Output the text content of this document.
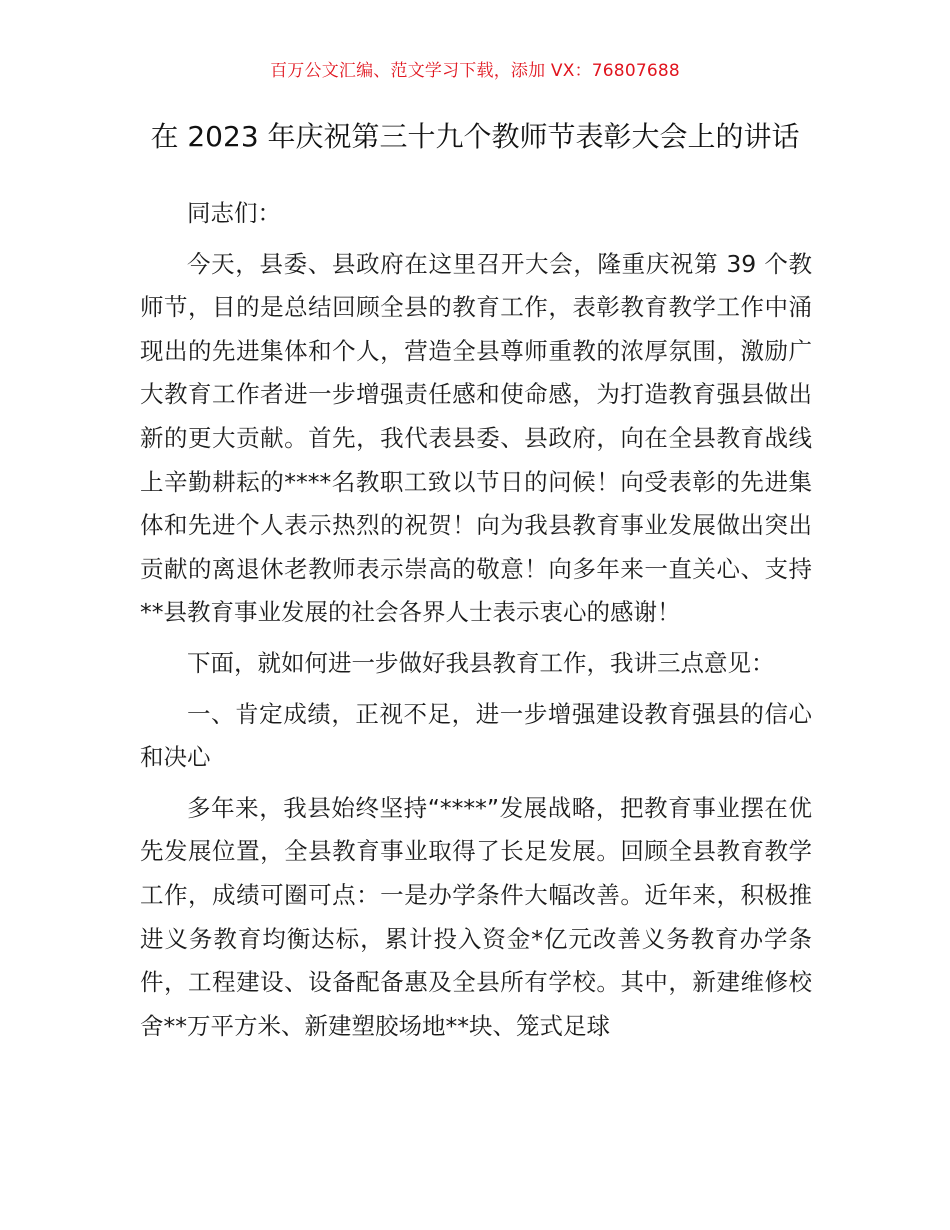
百万公文汇编、范文学习下载，添加 VX：76807688
在 2023 年庆祝第三十九个教师节表彰大会上的讲话

同志们：

今天，县委、县政府在这里召开大会，隆重庆祝第 39 个教师节，目的是总结回顾全县的教育工作，表彰教育教学工作中涌现出的先进集体和个人，营造全县尊师重教的浓厚氛围，激励广大教育工作者进一步增强责任感和使命感，为打造教育强县做出新的更大贡献。首先，我代表县委、县政府，向在全县教育战线上辛勤耕耘的****名教职工致以节日的问候！向受表彰的先进集体和先进个人表示热烈的祝贺！向为我县教育事业发展做出突出贡献的离退休老教师表示崇高的敬意！向多年来一直关心、支持**县教育事业发展的社会各界人士表示衷心的感谢！

下面，就如何进一步做好我县教育工作，我讲三点意见：

一、肯定成绩，正视不足，进一步增强建设教育强县的信心和决心

多年来，我县始终坚持“****”发展战略，把教育事业摆在优先发展位置，全县教育事业取得了长足发展。回顾全县教育教学工作，成绩可圈可点：一是办学条件大幅改善。近年来，积极推进义务教育均衡达标，累计投入资金*亿元改善义务教育办学条件，工程建设、设备配备惠及全县所有学校。其中，新建维修校舍**万平方米、新建塑胶场地**块、笼式足球
